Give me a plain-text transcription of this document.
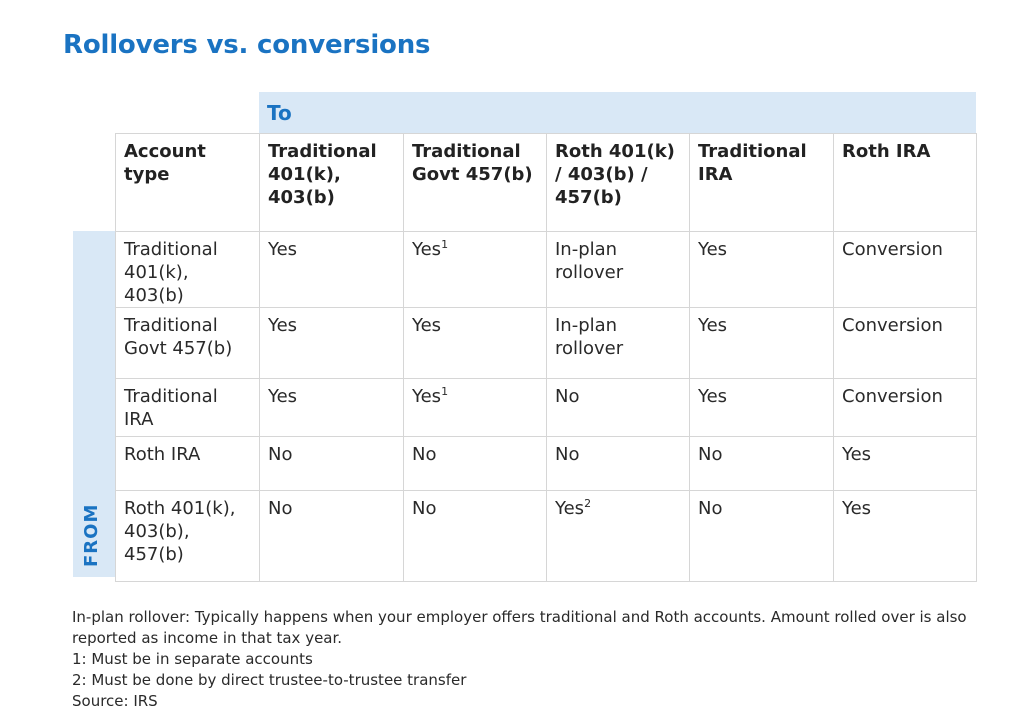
Rollovers vs. conversions
To
FROM
Account type	Traditional 401(k), 403(b)	Traditional Govt 457(b)	Roth 401(k) / 403(b) / 457(b)	Traditional IRA	Roth IRA
Traditional 401(k), 403(b)	Yes	Yes$^1$	In-plan rollover	Yes	Conversion
Traditional Govt 457(b)	Yes	Yes	In-plan rollover	Yes	Conversion
Traditional IRA	Yes	Yes$^1$	No	Yes	Conversion
Roth IRA	No	No	No	No	Yes
Roth 401(k), 403(b), 457(b)	No	No	Yes$^2$	No	Yes
In-plan rollover: Typically happens when your employer offers traditional and Roth accounts. Amount rolled over is also reported as income in that tax year.
1: Must be in separate accounts
2: Must be done by direct trustee-to-trustee transfer
Source: IRS
